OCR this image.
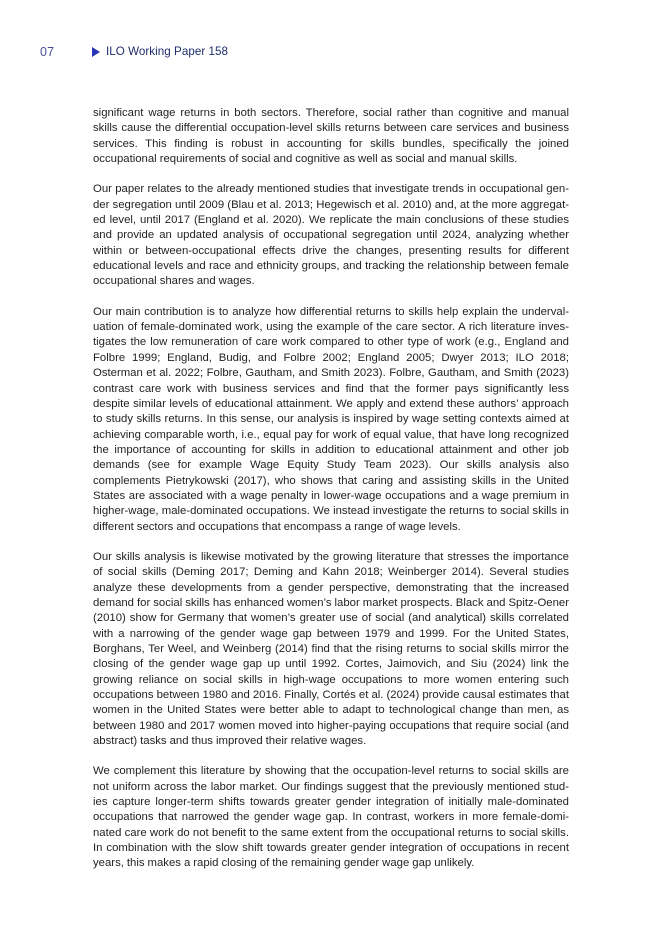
07	ILO Working Paper 158

significant wage returns in both sectors. Therefore, social rather than cognitive and manual skills cause the differential occupation-level skills returns between care services and business services. This finding is robust in accounting for skills bundles, specifically the joined occupational requirements of social and cognitive as well as social and manual skills.

Our paper relates to the already mentioned studies that investigate trends in occupational gender segregation until 2009 (Blau et al. 2013; Hegewisch et al. 2010) and, at the more aggregated level, until 2017 (England et al. 2020). We replicate the main conclusions of these studies and provide an updated analysis of occupational segregation until 2024, analyzing whether within or between-occupational effects drive the changes, presenting results for different educational levels and race and ethnicity groups, and tracking the relationship between female occupational shares and wages.

Our main contribution is to analyze how differential returns to skills help explain the undervaluation of female-dominated work, using the example of the care sector. A rich literature investigates the low remuneration of care work compared to other type of work (e.g., England and Folbre 1999; England, Budig, and Folbre 2002; England 2005; Dwyer 2013; ILO 2018; Osterman et al. 2022; Folbre, Gautham, and Smith 2023). Folbre, Gautham, and Smith (2023) contrast care work with business services and find that the former pays significantly less despite similar levels of educational attainment. We apply and extend these authors’ approach to study skills returns. In this sense, our analysis is inspired by wage setting contexts aimed at achieving comparable worth, i.e., equal pay for work of equal value, that have long recognized the importance of accounting for skills in addition to educational attainment and other job demands (see for example Wage Equity Study Team 2023). Our skills analysis also complements Pietrykowski (2017), who shows that caring and assisting skills in the United States are associated with a wage penalty in lower-wage occupations and a wage premium in higher-wage, male-dominated occupations. We instead investigate the returns to social skills in different sectors and occupations that encompass a range of wage levels.

Our skills analysis is likewise motivated by the growing literature that stresses the importance of social skills (Deming 2017; Deming and Kahn 2018; Weinberger 2014). Several studies analyze these developments from a gender perspective, demonstrating that the increased demand for social skills has enhanced women’s labor market prospects. Black and Spitz-Oener (2010) show for Germany that women’s greater use of social (and analytical) skills correlated with a narrowing of the gender wage gap between 1979 and 1999. For the United States, Borghans, Ter Weel, and Weinberg (2014) find that the rising returns to social skills mirror the closing of the gender wage gap up until 1992. Cortes, Jaimovich, and Siu (2024) link the growing reliance on social skills in high-wage occupations to more women entering such occupations between 1980 and 2016. Finally, Cortés et al. (2024) provide causal estimates that women in the United States were better able to adapt to technological change than men, as between 1980 and 2017 women moved into higher-paying occupations that require social (and abstract) tasks and thus improved their relative wages.

We complement this literature by showing that the occupation-level returns to social skills are not uniform across the labor market. Our findings suggest that the previously mentioned studies capture longer-term shifts towards greater gender integration of initially male-dominated occupations that narrowed the gender wage gap. In contrast, workers in more female-dominated care work do not benefit to the same extent from the occupational returns to social skills. In combination with the slow shift towards greater gender integration of occupations in recent years, this makes a rapid closing of the remaining gender wage gap unlikely.
